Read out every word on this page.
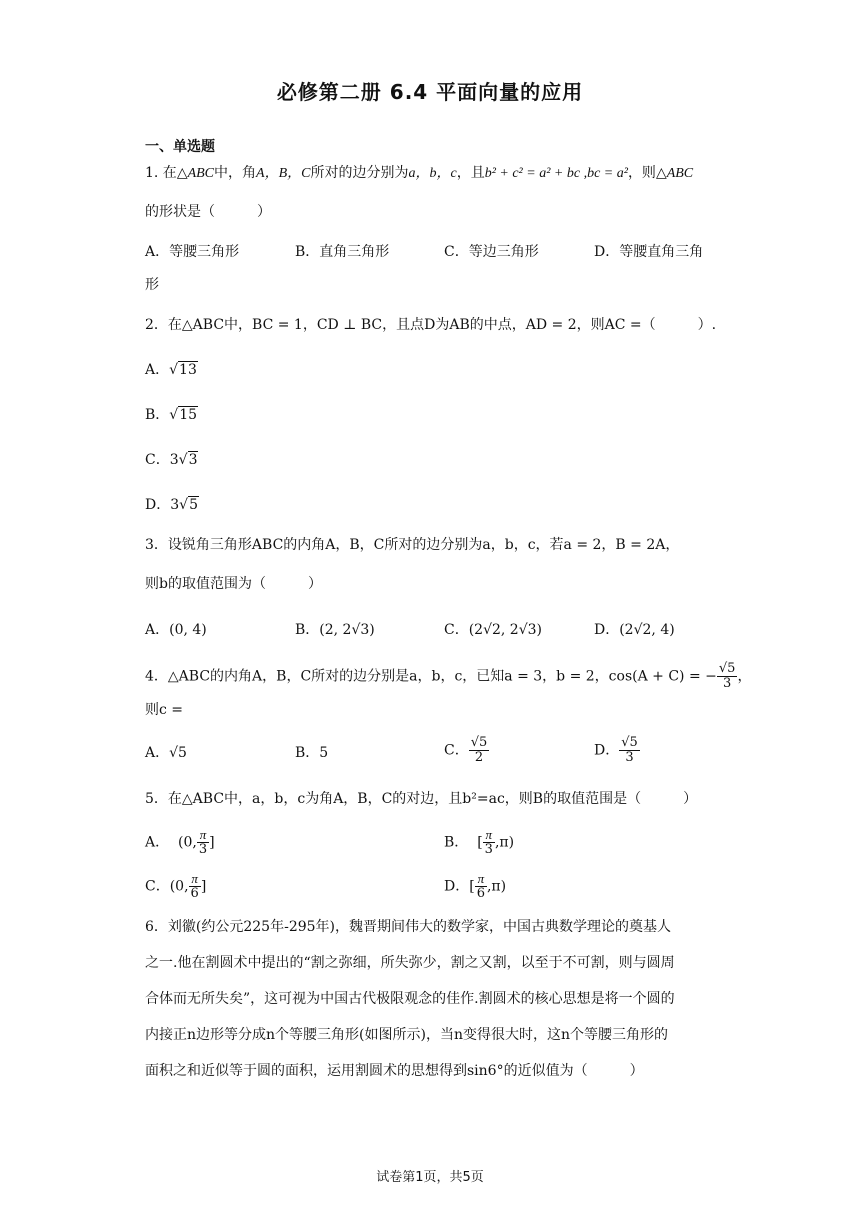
必修第二册 6.4 平面向量的应用
一、单选题
1. 在△ABC中，角A，B，C所对的边分别为a，b，c，且b² + c² = a² + bc ,bc = a²，则△ABC
的形状是（　　　）
A．等腰三角形	B．直角三角形	C．等边三角形	D．等腰直角三角
形
2．在△ABC中，BC = 1，CD ⊥ BC，且点D为AB的中点，AD = 2，则AC =（　　　）.
A．√13
B．√15
C．3√3
D．3√5
3．设锐角三角形ABC的内角A，B，C所对的边分别为a，b，c，若a = 2，B = 2A，
则b的取值范围为（　　　）
A．(0, 4)	B．(2, 2√3)	C．(2√2, 2√3)	D．(2√2, 4)
4．△ABC的内角A，B，C所对的边分别是a，b，c，已知a = 3，b = 2，cos(A + C) = − $\frac{√5}{3}$ ，
则c =
A．√5	B．5	C． $\frac{√5}{2}$	D． $\frac{√5}{3}$
5．在△ABC中，a，b，c为角A，B，C的对边，且b²=ac，则B的取值范围是（　　　）
A． (0, $\frac{\pi}{3}$ ]	B． [ $\frac{\pi}{3} ,\pi$)
C．(0, $\frac{\pi}{6}$ ]	D．[ $\frac{\pi}{6} ,\pi$)
6．刘徽(约公元225年-295年)，魏晋期间伟大的数学家，中国古典数学理论的奠基人
之一.他在割圆术中提出的“割之弥细，所失弥少，割之又割，以至于不可割，则与圆周
合体而无所失矣”，这可视为中国古代极限观念的佳作.割圆术的核心思想是将一个圆的
内接正n边形等分成n个等腰三角形(如图所示)，当n变得很大时，这n个等腰三角形的
面积之和近似等于圆的面积，运用割圆术的思想得到sin6°的近似值为（　　　）
试卷第1页，共5页
